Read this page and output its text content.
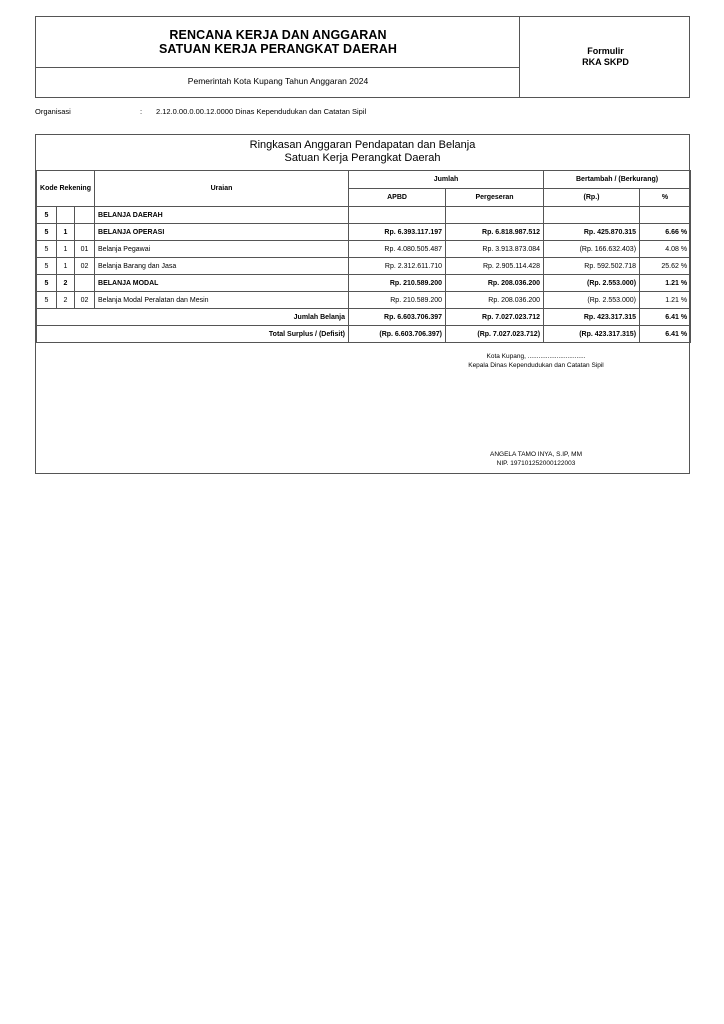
RENCANA KERJA DAN ANGGARAN
SATUAN KERJA PERANGKAT DAERAH
Pemerintah Kota Kupang Tahun Anggaran 2024
Formulir
RKA SKPD
Organisasi	: 2.12.0.00.0.00.12.0000 Dinas Kependudukan dan Catatan Sipil
Ringkasan Anggaran Pendapatan dan Belanja
Satuan Kerja Perangkat Daerah
Kode Rekening			Uraian	Jumlah		Bertambah / (Berkurang)	
				APBD	Pergeseran	(Rp.)	%
5			BELANJA DAERAH				
5	1		BELANJA OPERASI	Rp. 6.393.117.197	Rp. 6.818.987.512	Rp. 425.870.315	6.66 %
5	1	01	Belanja Pegawai	Rp. 4.080.505.487	Rp. 3.913.873.084	(Rp. 166.632.403)	4.08 %
5	1	02	Belanja Barang dan Jasa	Rp. 2.312.611.710	Rp. 2.905.114.428	Rp. 592.502.718	25.62 %
5	2		BELANJA MODAL	Rp. 210.589.200	Rp. 208.036.200	(Rp. 2.553.000)	1.21 %
5	2	02	Belanja Modal Peralatan dan Mesin	Rp. 210.589.200	Rp. 208.036.200	(Rp. 2.553.000)	1.21 %
Jumlah Belanja				Rp. 6.603.706.397	Rp. 7.027.023.712	Rp. 423.317.315	6.41 %
Total Surplus / (Defisit)				(Rp. 6.603.706.397)	(Rp. 7.027.023.712)	(Rp. 423.317.315)	6.41 %
Kota Kupang, ................................
Kepala Dinas Kependudukan dan Catatan Sipil
ANGELA TAMO INYA, S.IP, MM
NIP. 197101252000122003
